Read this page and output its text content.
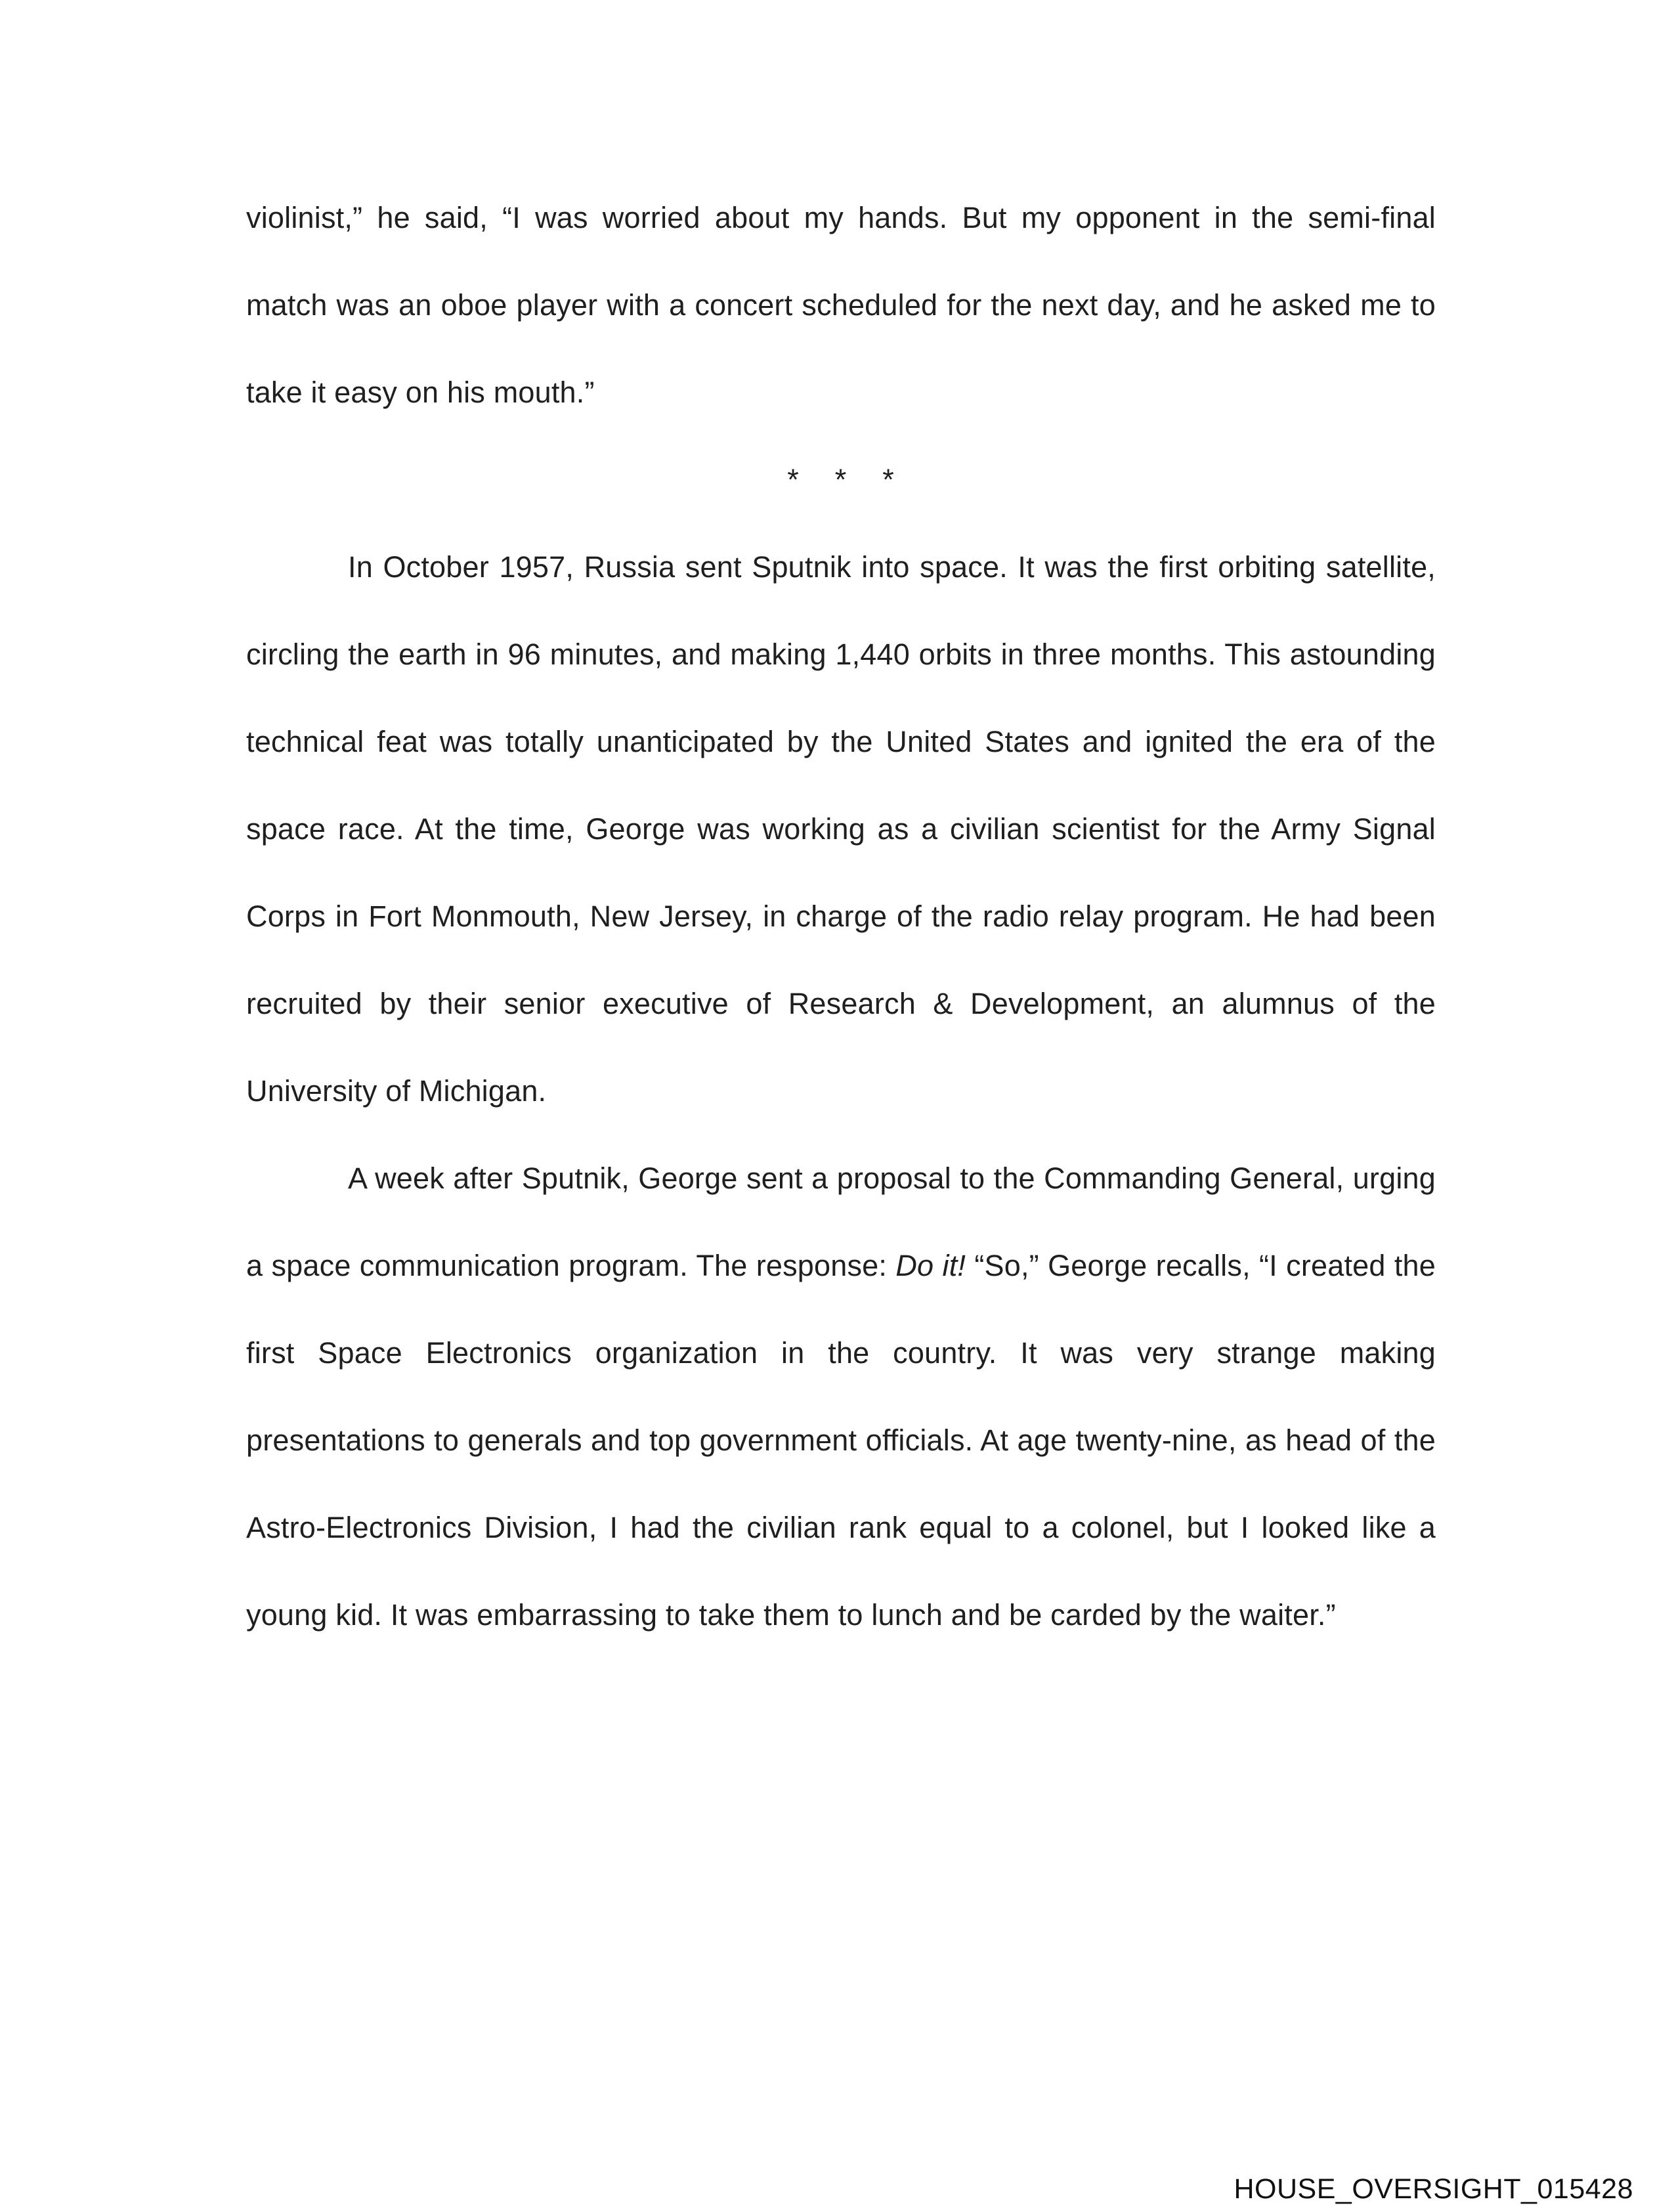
violinist,” he said, “I was worried about my hands. But my opponent in the semi-final match was an oboe player with a concert scheduled for the next day, and he asked me to take it easy on his mouth.”

* * *

In October 1957, Russia sent Sputnik into space. It was the first orbiting satellite, circling the earth in 96 minutes, and making 1,440 orbits in three months. This astounding technical feat was totally unanticipated by the United States and ignited the era of the space race. At the time, George was working as a civilian scientist for the Army Signal Corps in Fort Monmouth, New Jersey, in charge of the radio relay program. He had been recruited by their senior executive of Research & Development, an alumnus of the University of Michigan.

A week after Sputnik, George sent a proposal to the Commanding General, urging a space communication program. The response: Do it! “So,” George recalls, “I created the first Space Electronics organization in the country. It was very strange making presentations to generals and top government officials. At age twenty-nine, as head of the Astro-Electronics Division, I had the civilian rank equal to a colonel, but I looked like a young kid. It was embarrassing to take them to lunch and be carded by the waiter.”

HOUSE_OVERSIGHT_015428
